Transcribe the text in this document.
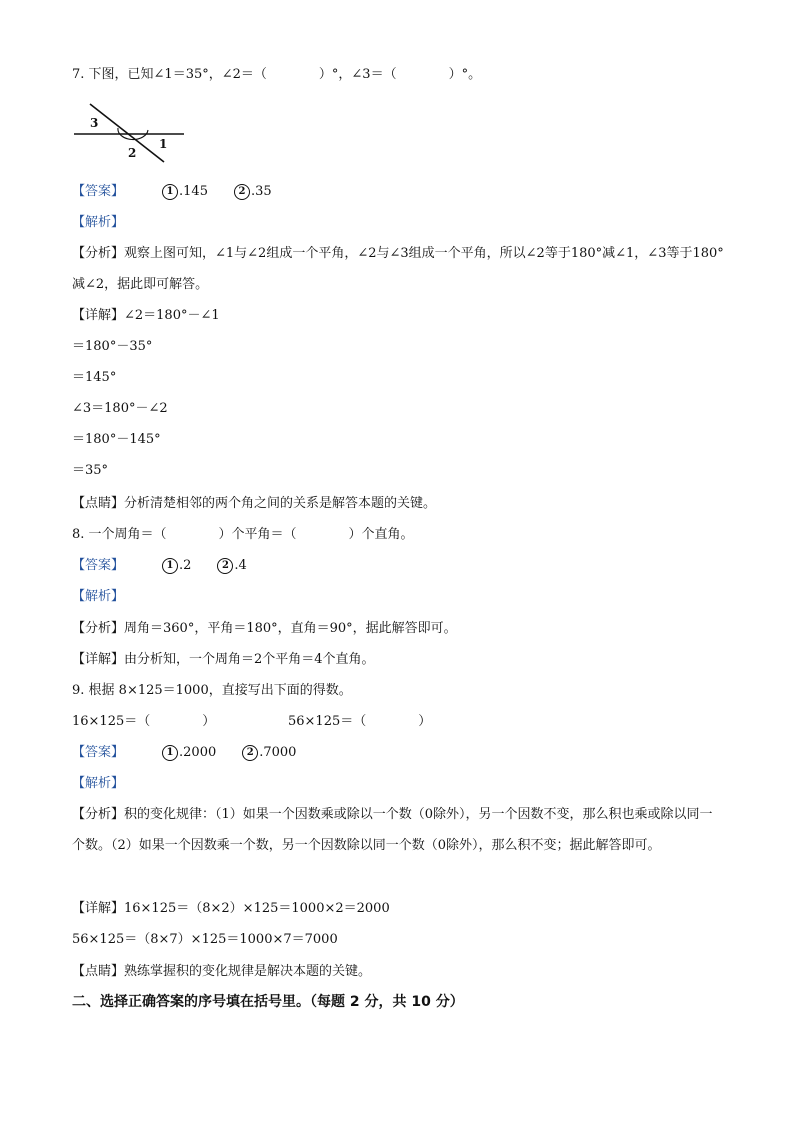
7. 下图，已知∠1＝35°，∠2＝（　　　　）°，∠3＝（　　　　）°。
3
2
1
【答案】	1 .145	2 .35
【解析】
【分析】观察上图可知，∠1与∠2组成一个平角，∠2与∠3组成一个平角，所以∠2等于180°减∠1，∠3等于180°减∠2，据此即可解答。
【详解】∠2＝180°－∠1
＝180°－35°
＝145°
∠3＝180°－∠2
＝180°－145°
＝35°
【点睛】分析清楚相邻的两个角之间的关系是解答本题的关键。
8. 一个周角＝（　　　　）个平角＝（　　　　）个直角。
【答案】	1 .2	2 .4
【解析】
【分析】周角＝360°，平角＝180°，直角＝90°，据此解答即可。
【详解】由分析知，一个周角＝2个平角＝4个直角。
9. 根据 8×125＝1000，直接写出下面的得数。
16×125＝（　　　　）	56×125＝（　　　　）
【答案】	1 .2000	2 .7000
【解析】
【分析】积的变化规律：（1）如果一个因数乘或除以一个数（0除外），另一个因数不变，那么积也乘或除以同一个数。（2）如果一个因数乘一个数，另一个因数除以同一个数（0除外），那么积不变；据此解答即可。
【详解】16×125＝（8×2）×125＝1000×2＝2000
56×125＝（8×7）×125＝1000×7＝7000
【点睛】熟练掌握积的变化规律是解决本题的关键。
二、选择正确答案的序号填在括号里。（每题 2 分，共 10 分）
